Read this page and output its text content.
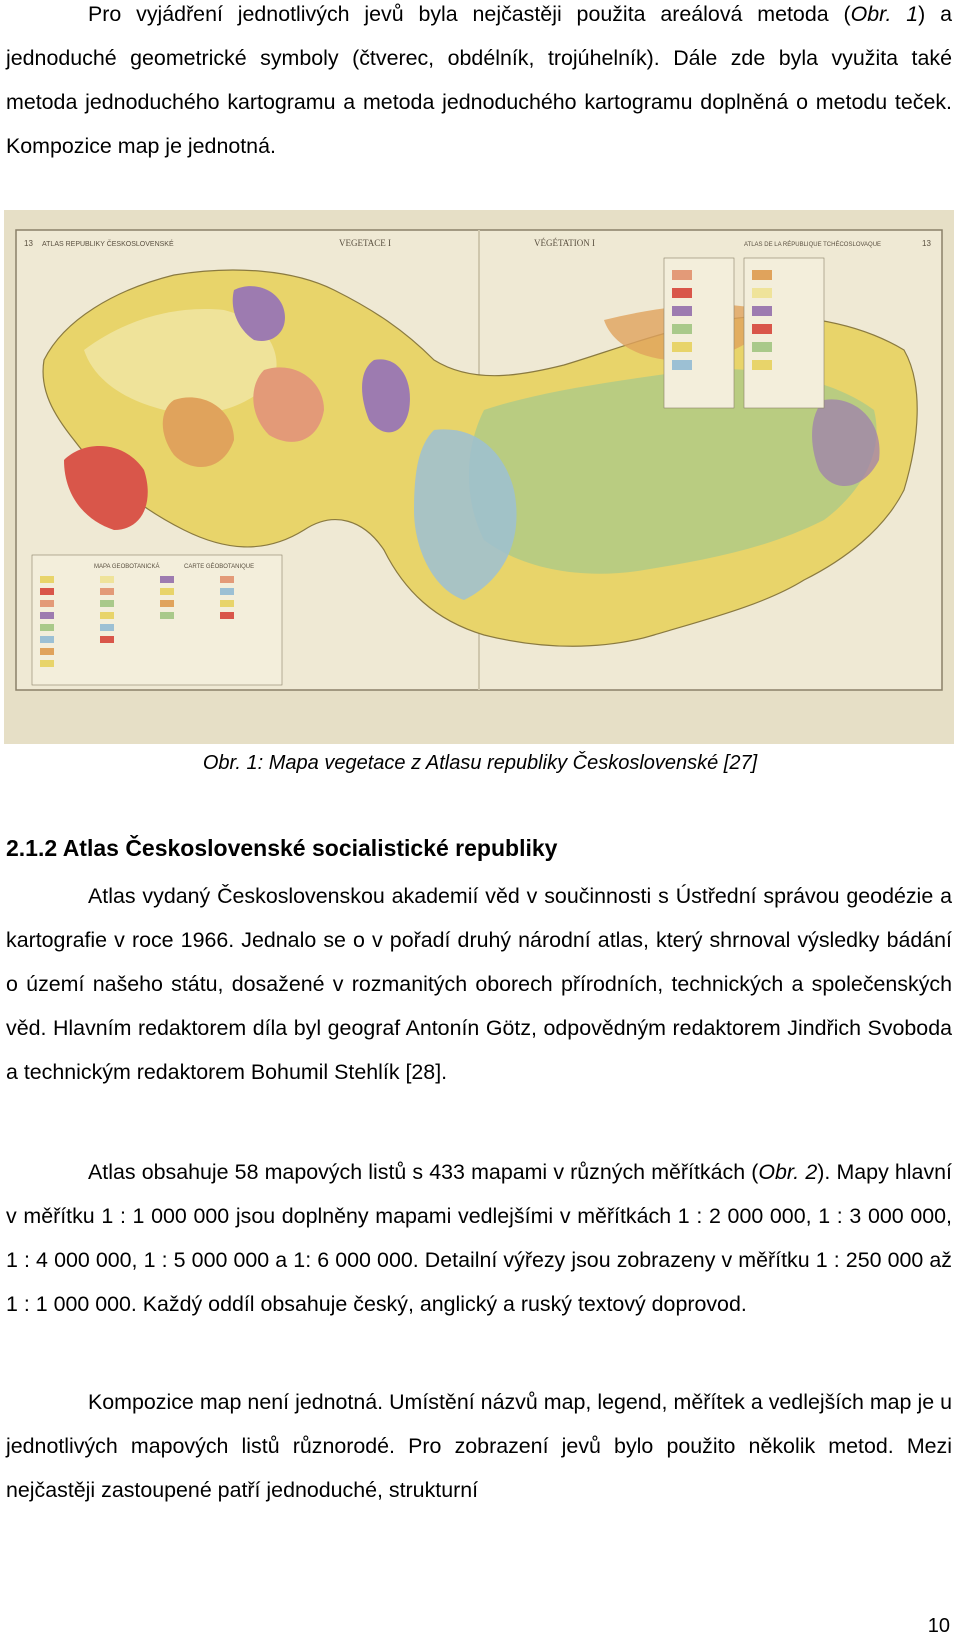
Pro vyjádření jednotlivých jevů byla nejčastěji použita areálová metoda (Obr. 1) a jednoduché geometrické symboly (čtverec, obdélník, trojúhelník). Dále zde byla využita také metoda jednoduchého kartogramu a metoda jednoduchého kartogramu doplněná o metodu teček. Kompozice map je jednotná.

13 ATLAS REPUBLIKY ČESKOSLOVENSKÉ	VEGETACE I	VÉGÉTATION I	ATLAS DE LA RÉPUBLIQUE TCHÉCOSLOVAQUE	13
MAPA GEOBOTANICKÁ	CARTE GÉOBOTANIQUE
Obr. 1: Mapa vegetace z Atlasu republiky Československé [27]
2.1.2 Atlas Československé socialistické republiky

Atlas vydaný Československou akademií věd v součinnosti s Ústřední správou geodézie a kartografie v roce 1966. Jednalo se o v pořadí druhý národní atlas, který shrnoval výsledky bádání o území našeho státu, dosažené v rozmanitých oborech přírodních, technických a společenských věd. Hlavním redaktorem díla byl geograf Antonín Götz, odpovědným redaktorem Jindřich Svoboda a technickým redaktorem Bohumil Stehlík [28].

Atlas obsahuje 58 mapových listů s 433 mapami v různých měřítkách (Obr. 2). Mapy hlavní v měřítku 1 : 1 000 000 jsou doplněny mapami vedlejšími v měřítkách 1 : 2 000 000, 1 : 3 000 000, 1 : 4 000 000, 1 : 5 000 000 a 1: 6 000 000. Detailní výřezy jsou zobrazeny v měřítku 1 : 250 000 až 1 : 1 000 000. Každý oddíl obsahuje český, anglický a ruský textový doprovod.

Kompozice map není jednotná. Umístění názvů map, legend, měřítek a vedlejších map je u jednotlivých mapových listů různorodé. Pro zobrazení jevů bylo použito několik metod. Mezi nejčastěji zastoupené patří jednoduché, strukturní

10
